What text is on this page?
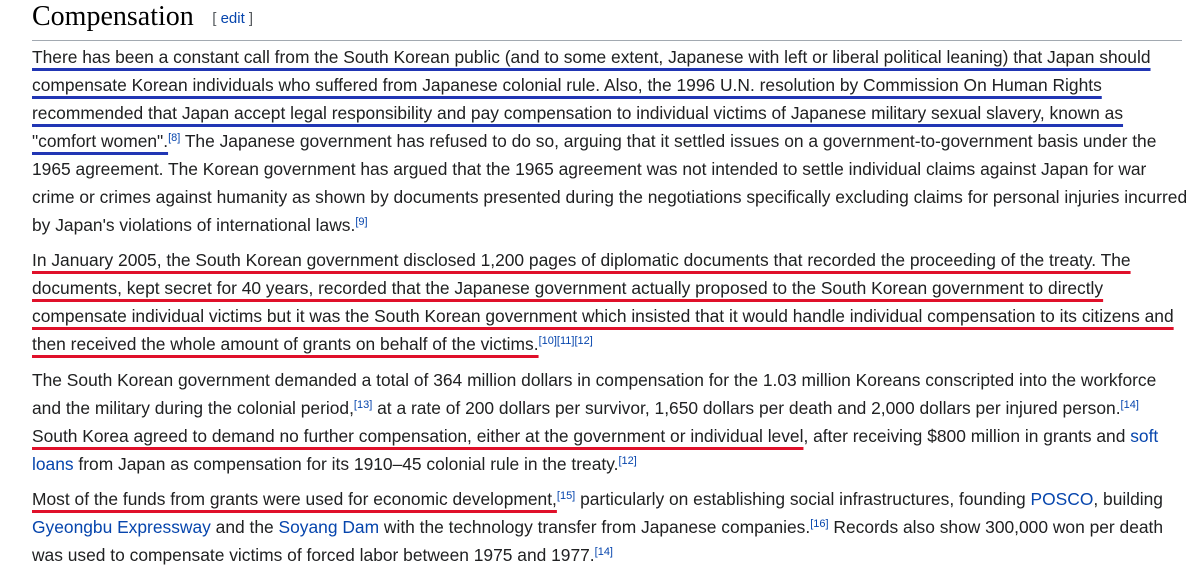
Compensation [ edit ]

There has been a constant call from the South Korean public (and to some extent, Japanese with left or liberal political leaning) that Japan should
compensate Korean individuals who suffered from Japanese colonial rule. Also, the 1996 U.N. resolution by Commission On Human Rights
recommended that Japan accept legal responsibility and pay compensation to individual victims of Japanese military sexual slavery, known as
"comfort women".[8] The Japanese government has refused to do so, arguing that it settled issues on a government-to-government basis under the
1965 agreement. The Korean government has argued that the 1965 agreement was not intended to settle individual claims against Japan for war
crime or crimes against humanity as shown by documents presented during the negotiations specifically excluding claims for personal injuries incurred
by Japan's violations of international laws.[9]

In January 2005, the South Korean government disclosed 1,200 pages of diplomatic documents that recorded the proceeding of the treaty. The
documents, kept secret for 40 years, recorded that the Japanese government actually proposed to the South Korean government to directly
compensate individual victims but it was the South Korean government which insisted that it would handle individual compensation to its citizens and
then received the whole amount of grants on behalf of the victims.[10][11][12]

The South Korean government demanded a total of 364 million dollars in compensation for the 1.03 million Koreans conscripted into the workforce
and the military during the colonial period,[13] at a rate of 200 dollars per survivor, 1,650 dollars per death and 2,000 dollars per injured person.[14]
South Korea agreed to demand no further compensation, either at the government or individual level, after receiving $800 million in grants and soft
loans from Japan as compensation for its 1910–45 colonial rule in the treaty.[12]

Most of the funds from grants were used for economic development,[15] particularly on establishing social infrastructures, founding POSCO, building
Gyeongbu Expressway and the Soyang Dam with the technology transfer from Japanese companies.[16] Records also show 300,000 won per death
was used to compensate victims of forced labor between 1975 and 1977.[14]
